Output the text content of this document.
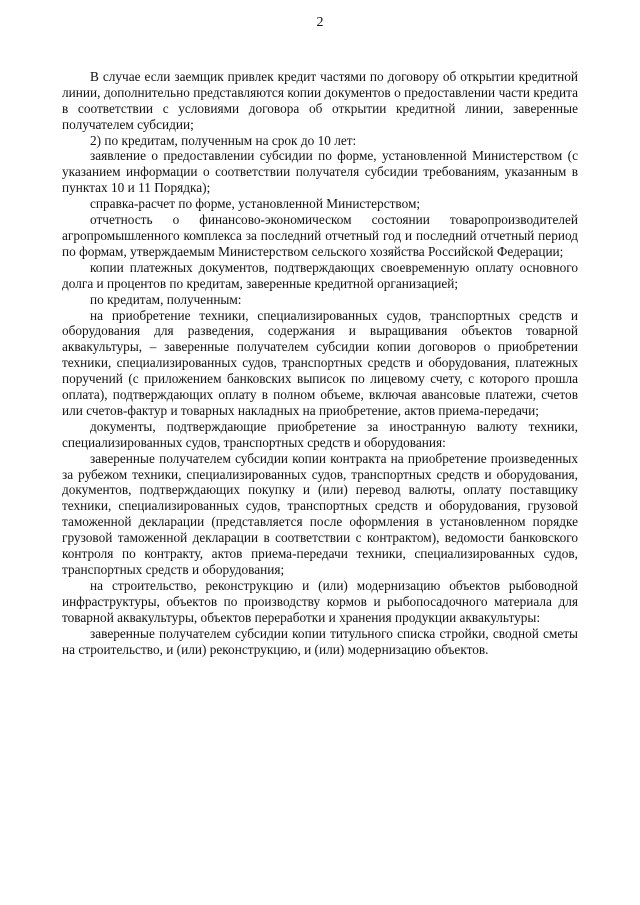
2

В случае если заемщик привлек кредит частями по договору об открытии кредитной линии, дополнительно представляются копии документов о предоставлении части кредита в соответствии с условиями договора об открытии кредитной линии, заверенные получателем субсидии;

2) по кредитам, полученным на срок до 10 лет:

заявление о предоставлении субсидии по форме, установленной Министерством (с указанием информации о соответствии получателя субсидии требованиям, указанным в пунктах 10 и 11 Порядка);

справка-расчет по форме, установленной Министерством;

отчетность о финансово-экономическом состоянии товаропроизводителей агропромышленного комплекса за последний отчетный год и последний отчетный период по формам, утверждаемым Министерством сельского хозяйства Российской Федерации;

копии платежных документов, подтверждающих своевременную оплату основного долга и процентов по кредитам, заверенные кредитной организацией;

по кредитам, полученным:

на приобретение техники, специализированных судов, транспортных средств и оборудования для разведения, содержания и выращивания объектов товарной аквакультуры, – заверенные получателем субсидии копии договоров о приобретении техники, специализированных судов, транспортных средств и оборудования, платежных поручений (с приложением банковских выписок по лицевому счету, с которого прошла оплата), подтверждающих оплату в полном объеме, включая авансовые платежи, счетов или счетов-фактур и товарных накладных на приобретение, актов приема-передачи;

документы, подтверждающие приобретение за иностранную валюту техники, специализированных судов, транспортных средств и оборудования:

заверенные получателем субсидии копии контракта на приобретение произведенных за рубежом техники, специализированных судов, транспортных средств и оборудования, документов, подтверждающих покупку и (или) перевод валюты, оплату поставщику техники, специализированных судов, транспортных средств и оборудования, грузовой таможенной декларации (представляется после оформления в установленном порядке грузовой таможенной декларации в соответствии с контрактом), ведомости банковского контроля по контракту, актов приема-передачи техники, специализированных судов, транспортных средств и оборудования;

на строительство, реконструкцию и (или) модернизацию объектов рыбоводной инфраструктуры, объектов по производству кормов и рыбопосадочного материала для товарной аквакультуры, объектов переработки и хранения продукции аквакультуры:

заверенные получателем субсидии копии титульного списка стройки, сводной сметы на строительство, и (или) реконструкцию, и (или) модернизацию объектов.
